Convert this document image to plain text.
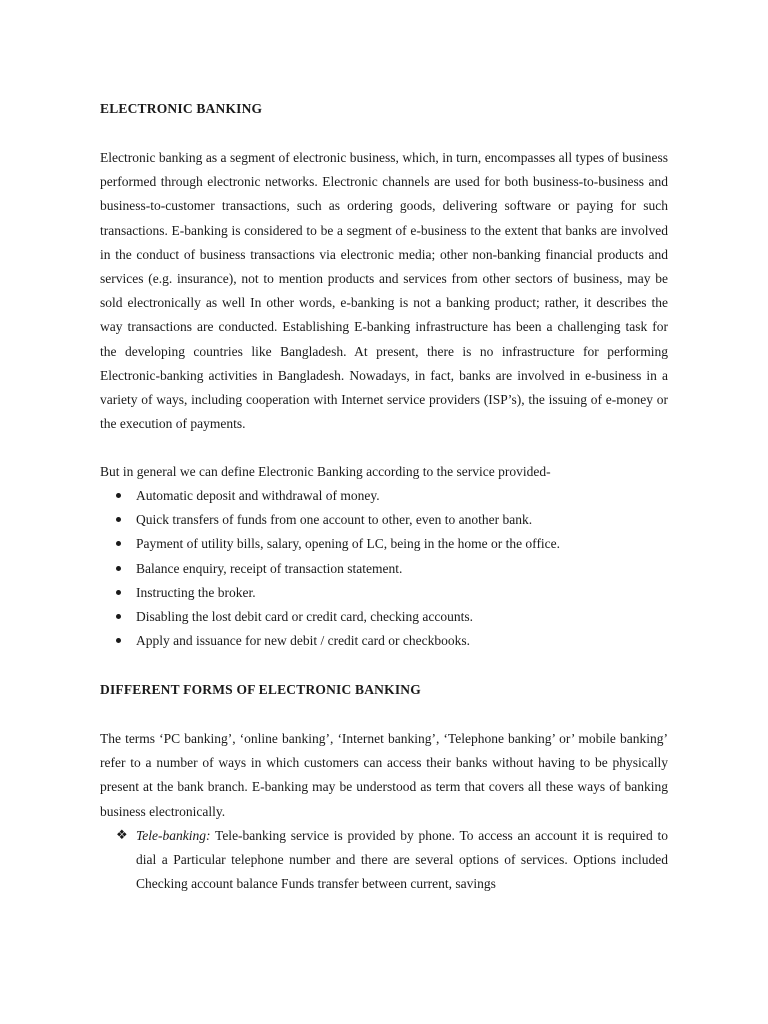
ELECTRONIC BANKING

Electronic banking as a segment of electronic business, which, in turn, encompasses all types of business performed through electronic networks. Electronic channels are used for both business-to-business and business-to-customer transactions, such as ordering goods, delivering software or paying for such transactions. E-banking is considered to be a segment of e-business to the extent that banks are involved in the conduct of business transactions via electronic media; other non-banking financial products and services (e.g. insurance), not to mention products and services from other sectors of business, may be sold electronically as well In other words, e-banking is not a banking product; rather, it describes the way transactions are conducted. Establishing E-banking infrastructure has been a challenging task for the developing countries like Bangladesh. At present, there is no infrastructure for performing Electronic-banking activities in Bangladesh. Nowadays, in fact, banks are involved in e-business in a variety of ways, including cooperation with Internet service providers (ISP’s), the issuing of e-money or the execution of payments.

But in general we can define Electronic Banking according to the service provided-

Automatic deposit and withdrawal of money.
Quick transfers of funds from one account to other, even to another bank.
Payment of utility bills, salary, opening of LC, being in the home or the office.
Balance enquiry, receipt of transaction statement.
Instructing the broker.
Disabling the lost debit card or credit card, checking accounts.
Apply and issuance for new debit / credit card or checkbooks.
DIFFERENT FORMS OF ELECTRONIC BANKING

The terms ‘PC banking’, ‘online banking’, ‘Internet banking’, ‘Telephone banking’ or’ mobile banking’ refer to a number of ways in which customers can access their banks without having to be physically present at the bank branch. E-banking may be understood as term that covers all these ways of banking business electronically.

❖ Tele-banking: Tele-banking service is provided by phone. To access an account it is required to dial a Particular telephone number and there are several options of services. Options included Checking account balance Funds transfer between current, savings
